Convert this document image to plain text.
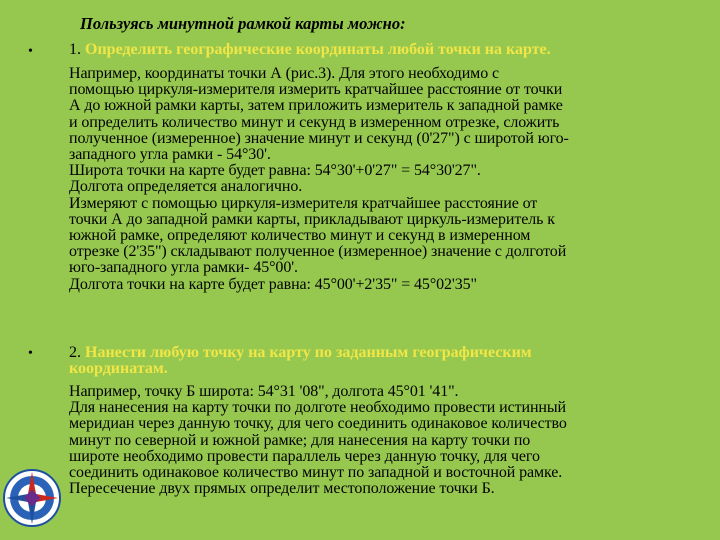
Пользуясь минутной рамкой карты можно:
• 1. Определить географические координаты любой точки на карте.
Например, координаты точки А (рис.3). Для этого необходимо с
помощью циркуля-измерителя измерить кратчайшее расстояние от точки
А до южной рамки карты, затем приложить измеритель к западной рамке
и определить количество минут и секунд в измеренном отрезке, сложить
полученное (измеренное) значение минут и секунд (0'27") с широтой юго-
западного угла рамки - 54°30'.
Широта точки на карте будет равна: 54°30'+0'27" = 54°30'27".
Долгота определяется аналогично.
Измеряют с помощью циркуля-измерителя кратчайшее расстояние от
точки А до западной рамки карты, прикладывают циркуль-измеритель к
южной рамке, определяют количество минут и секунд в измеренном
отрезке (2'35") складывают полученное (измеренное) значение с долготой
юго-западного угла рамки- 45°00'.
Долгота точки на карте будет равна: 45°00'+2'35" = 45°02'35"
• 2. Нанести любую точку на карту по заданным географическим
координатам.
Например, точку Б широта: 54°31 '08", долгота 45°01 '41".
Для нанесения на карту точки по долготе необходимо провести истинный
меридиан через данную точку, для чего соединить одинаковое количество
минут по северной и южной рамке; для нанесения на карту точки по
широте необходимо провести параллель через данную точку, для чего
соединить одинаковое количество минут по западной и восточной рамке.
Пересечение двух прямых определит местоположение точки Б.
